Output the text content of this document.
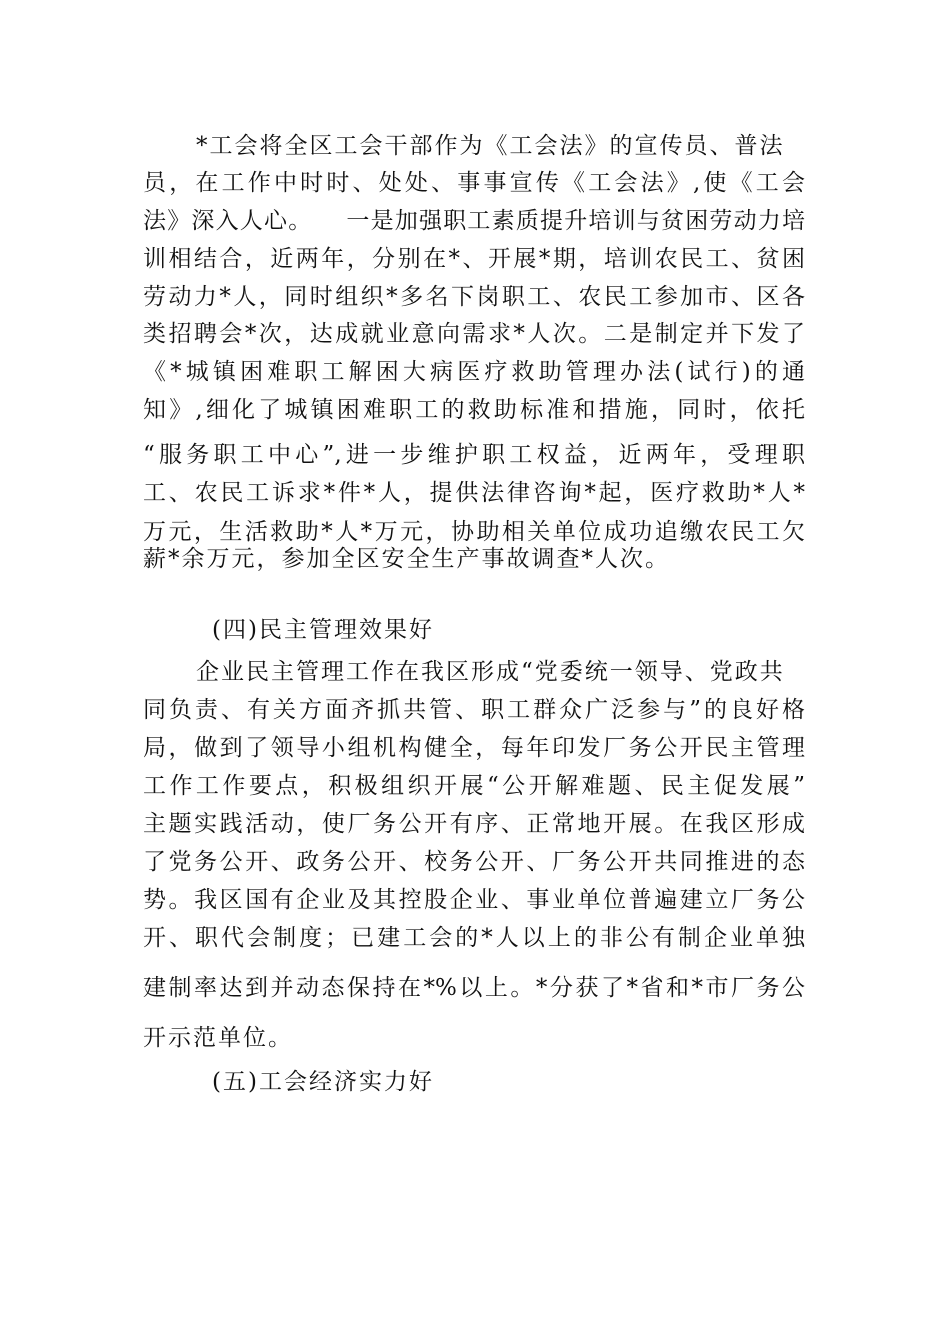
*工会将全区工会干部作为《工会法》的宣传员、普法
员，在工作中时时、处处、事事宣传《工会法》,使《工会
法》深入人心。    一是加强职工素质提升培训与贫困劳动力培
训相结合，近两年，分别在*、开展*期，培训农民工、贫困
劳动力*人，同时组织*多名下岗职工、农民工参加市、区各
类招聘会*次，达成就业意向需求*人次。二是制定并下发了
《*城镇困难职工解困大病医疗救助管理办法(试行)的通
知》,细化了城镇困难职工的救助标准和措施，同时，依托
“服务职工中心”,进一步维护职工权益，近两年，受理职
工、农民工诉求*件*人，提供法律咨询*起，医疗救助*人*
万元，生活救助*人*万元，协助相关单位成功追缴农民工欠
薪*余万元，参加全区安全生产事故调查*人次。
(四)民主管理效果好
企业民主管理工作在我区形成“党委统一领导、党政共
同负责、有关方面齐抓共管、职工群众广泛参与”的良好格
局，做到了领导小组机构健全，每年印发厂务公开民主管理
工作工作要点，积极组织开展“公开解难题、民主促发展”
主题实践活动，使厂务公开有序、正常地开展。在我区形成
了党务公开、政务公开、校务公开、厂务公开共同推进的态
势。我区国有企业及其控股企业、事业单位普遍建立厂务公
开、职代会制度；已建工会的*人以上的非公有制企业单独
建制率达到并动态保持在*%以上。*分获了*省和*市厂务公
开示范单位。
(五)工会经济实力好
